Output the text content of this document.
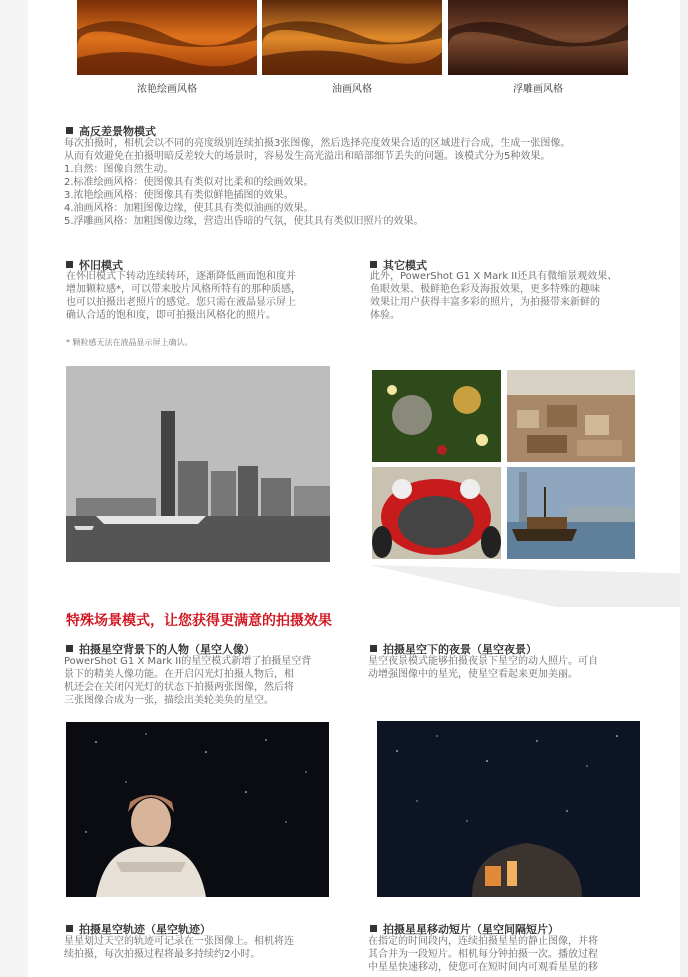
浓艳绘画风格	油画风格	浮雕画风格
高反差景物模式
每次拍摄时，相机会以不同的亮度级别连续拍摄3张图像，然后选择亮度效果合适的区域进行合成，生成一张图像。
从而有效避免在拍摄明暗反差较大的场景时，容易发生高光溢出和暗部细节丢失的问题。该模式分为5种效果。
1.自然：图像自然生动。
2.标准绘画风格：使图像具有类似对比柔和的绘画效果。
3.浓艳绘画风格：使图像具有类似鲜艳插图的效果。
4.油画风格：加粗图像边缘，使其具有类似油画的效果。
5.浮雕画风格：加粗图像边缘，营造出昏暗的气氛，使其具有类似旧照片的效果。
怀旧模式
在怀旧模式下转动连续转环，逐渐降低画面饱和度并
增加颗粒感*，可以带来胶片风格所特有的那种质感，
也可以拍摄出老照片的感觉。您只需在液晶显示屏上
确认合适的饱和度，即可拍摄出风格化的照片。
* 颗粒感无法在液晶显示屏上确认。
其它模式
此外，PowerShot G1 X Mark II还具有微缩景观效果、
鱼眼效果、极鲜艳色彩及海报效果，更多特殊的趣味
效果让用户获得丰富多彩的照片，为拍摄带来新鲜的
体验。
特殊场景模式，让您获得更满意的拍摄效果
拍摄星空背景下的人物（星空人像）
PowerShot G1 X Mark II的星空模式新增了拍摄星空背
景下的精美人像功能。在开启闪光灯拍摄人物后，相
机还会在关闭闪光灯的状态下拍摄两张图像，然后将
三张图像合成为一张，描绘出美轮美奂的星空。
拍摄星空下的夜景（星空夜景）
星空夜景模式能够拍摄夜景下星空的动人照片。可自
动增强图像中的星光，使星空看起来更加美丽。
拍摄星空轨迹（星空轨迹）
星星划过天空的轨迹可记录在一张图像上。相机将连
续拍摄，每次拍摄过程将最多持续约2小时。
拍摄星星移动短片（星空间隔短片）
在指定的时间段内，连续拍摄星星的静止图像，并将
其合并为一段短片。相机每分钟拍摄一次。播放过程
中星星快速移动，使您可在短时间内可观看星星的移
